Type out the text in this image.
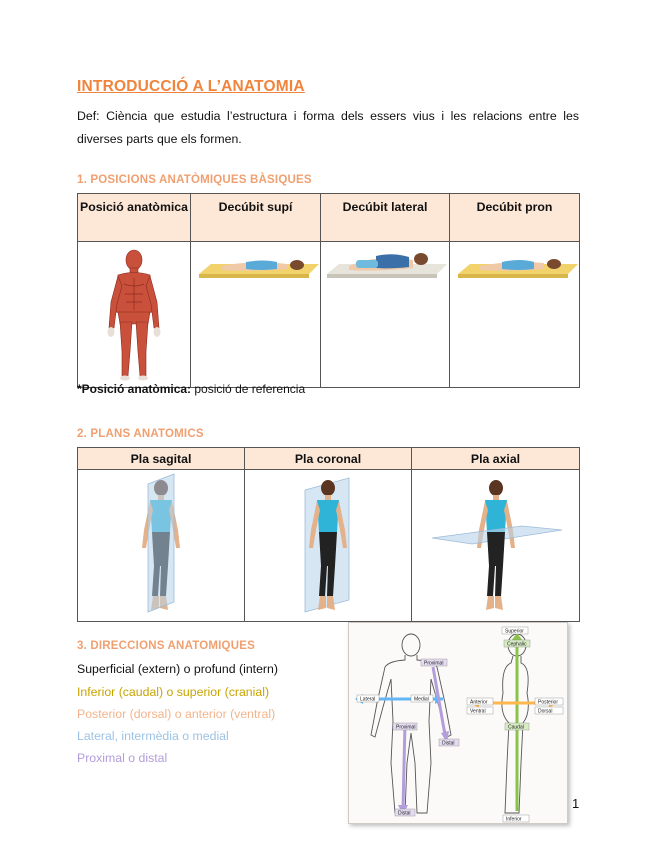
INTRODUCCIÓ A L’ANATOMIA
Def: Ciència que estudia l’estructura i forma dels essers vius i les relacions entre les diverses parts que els formen.
1. POSICIONS ANATÒMIQUES BÀSIQUES
Posició anatòmica	Decúbit supí	Decúbit lateral	Decúbit pron

*Posició anatòmica: posició de referencia
2. PLANS ANATOMICS
Pla sagital	Pla coronal	Pla axial

3. DIRECCIONS ANATOMIQUES
Superficial (extern) o profund (intern)
Inferior (caudal) o superior (cranial)
Posterior (dorsal) o anterior (ventral)
Lateral, intermèdia o medial
Proximal o distal
Superior
Cephalic
Proximal
Lateral	Medial
Proximal
Distal
Distal
Anterior
Ventral
Posterior
Dorsal
Caudal
Inferior
1
